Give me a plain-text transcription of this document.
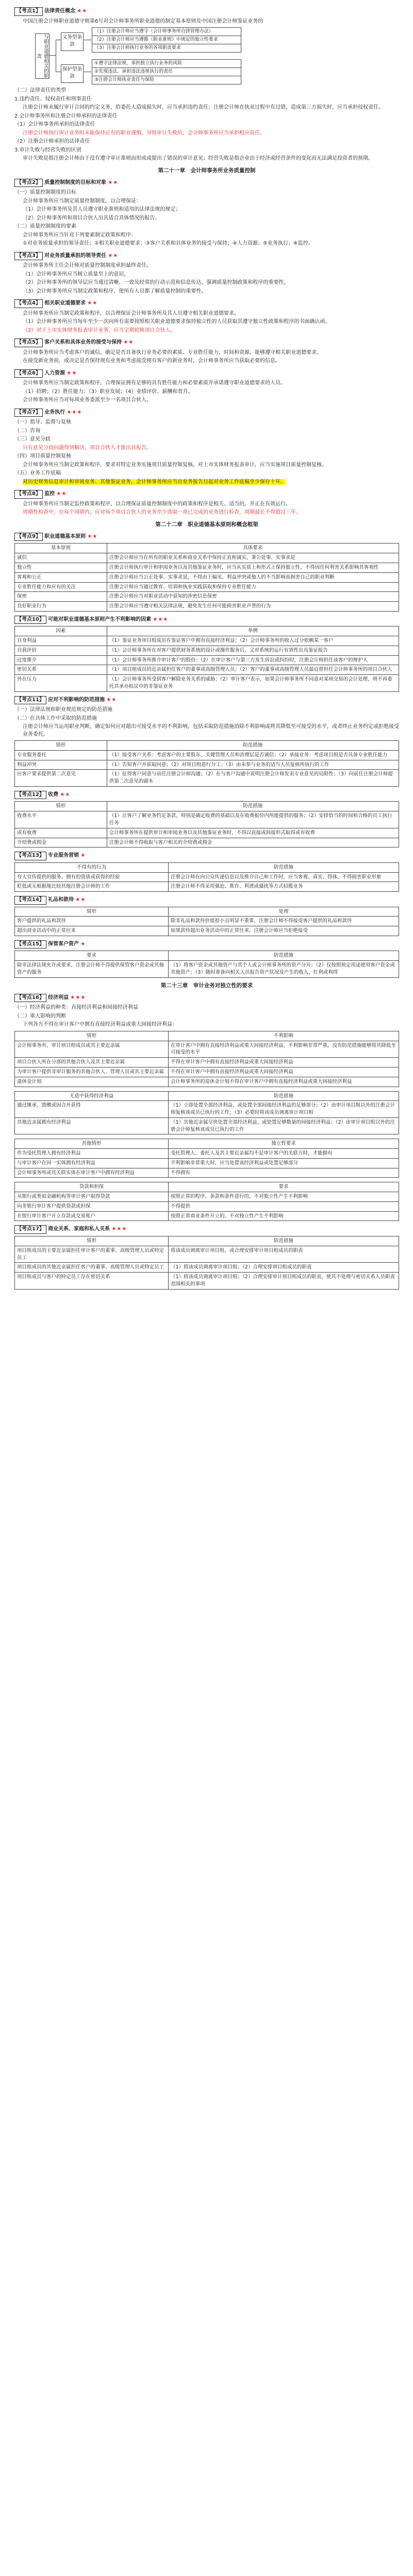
【考点1】 法律责任概念 ★★
中国注册会计师职业道德守则第6号对会计师事务所职业道德的制定基本原则及中国注册会计师鉴证业务的
与职业道德相关的职责
义务型条款
保护型条款
（1）注册会计师应当遵守（会计师事务所自律管理办法）
（2）注册会计师应当遵循《职业准则》中规定的独立性要求
（3）注册会计师执行业务的各项职责要求
①遵守法律法规，承担独立执行业务的风险
②发现违法，承担违法违规执行的责任
③注册会计师执业责任与保险
（二）法律责任的类型
1.违约责任、侵权责任和刑事责任
注册会计师未履行审计合同的约定义务，给委托人造成损失时，应当承担违约责任；注册会计师在执业过程中有过错，造成第三方损失时，应当承担侵权责任。
2.会计师事务所和注册会计师承担的法律责任
（1）会计师事务所承担的法律责任
注册会计师执行审计业务时未能保持应有的职业谨慎，导致审计失败的，会计师事务所应当承担相应责任。
（2）注册会计师承担的法律责任
3.审计失败与经营失败的区别
审计失败是指注册会计师由于没有遵守审计准则而形成或提出了错误的审计意见；经营失败是指企业由于经济或经营条件的变化而无法满足投资者的预期。
第二十一章　会计师事务所业务质量控制
【考点2】 质量控制制度的目标和对象 ★★
（一）质量控制制度的目标
会计师事务所应当制定质量控制制度，以合理保证：
（1）会计师事务所及其人员遵守职业准则和适用的法律法规的规定；
（2）会计师事务所和项目合伙人出具适合具体情况的报告。
（二）质量控制制度的要素
会计师事务所应当针对下列要素制定政策和程序：
①对业务质量承担的领导责任；②相关职业道德要求；③客户关系和具体业务的接受与保持；④人力资源；⑤业务执行；⑥监控。
【考点3】 对业务质量承担的领导责任 ★★
会计师事务所主任会计师对质量控制制度承担最终责任。
（1）会计师事务所应当树立质量至上的意识，
（2）会计师事务所的领导层应当通过清晰、一致及经常的行动示范和信息传达，强调质量控制政策和程序的重要性。
（3）会计师事务所应当制定政策和程序，使所有人员都了解质量控制的重要性。
【考点4】 相关职业道德要求 ★★
会计师事务所应当制定政策和程序，以合理保证会计师事务所及其人员遵守相关职业道德要求。
（1）会计师事务所应当每年至少一次向所有需要按照相关职业道德要求保持独立性的人员获取其遵守独立性政策和程序的书面确认函。
（2）对于上市实体财务报表审计业务，应当定期轮换项目合伙人。
【考点5】 客户关系和具体业务的接受与保持 ★★
会计师事务所应当考虑客户的诚信，确定是否具备执行业务必要的素质、专业胜任能力、时间和资源，能够遵守相关职业道德要求。
在接受新业务前，或决定是否保持现有业务和考虑接受现有客户的新业务时，会计师事务所应当获取必要的信息。
【考点6】 人力资源 ★★
会计师事务所应当制定政策和程序，合理保证拥有足够的具有胜任能力和必要素质并承诺遵守职业道德要求的人员。
（1）招聘；（2）胜任能力；（3）职业发展；（4）业绩评价、薪酬和晋升。
会计师事务所应当对每项业务委派至少一名项目合伙人。
【考点7】 业务执行 ★★★
（一）指导、监督与复核
（二）咨询
（三）意见分歧
只有意见分歧问题得到解决，项目合伙人才能出具报告。
（四）项目质量控制复核
会计师事务所应当制定政策和程序，要求对特定业务实施项目质量控制复核。对上市实体财务报表审计，应当实施项目质量控制复核。
（五）业务工作底稿
对历史财务信息审计和审阅业务、其他鉴证业务，会计师事务所应当自业务报告日起对业务工作底稿至少保存十年。
【考点8】 监控 ★★
会计师事务所应当制定监控政策和程序，以合理保证质量控制制度中的政策和程序是相关、适当的，并正在有效运行。
周期性检查中，在每个周期内，应对每个项目合伙人的业务至少选取一项已完成的业务进行检查，周期最长不得超过三年。
第二十二章　职业道德基本原则和概念框架
【考点9】 职业道德基本原则 ★★
基本原则	具体要求
诚信	注册会计师应当在所有的职业关系和商业关系中保持正直和诚实，秉公处事、实事求是
独立性	注册会计师执行审计和审阅业务以及其他鉴证业务时，应当从实质上和形式上保持独立性，不得因任何利害关系影响其客观性
客观和公正	注册会计师应当公正处事、实事求是，不得由于偏见、利益冲突或他人的不当影响而损害自己的职业判断
专业胜任能力和应有的关注	注册会计师应当通过教育、培训和执业实践获取和保持专业胜任能力
保密	注册会计师应当对职业活动中获知的涉密信息保密
良好职业行为	注册会计师应当遵守相关法律法规，避免发生任何可能损害职业声誉的行为
【考点10】 可能对职业道德基本原则产生不利影响的因素 ★★★
因素	举例
自身利益	（1）鉴证业务项目组成员在鉴证客户中拥有直接经济利益；（2）会计师事务所的收入过分依赖某一客户
自我评价	（1）会计师事务所在对客户提供财务系统的设计或操作服务后，又对系统的运行有效性出具鉴证报告
过度推介	（1）会计师事务所推介审计客户的股份；（2）在审计客户与第三方发生诉讼或纠纷时，注册会计师担任该客户的辩护人
密切关系	（1）项目组成员的近亲属担任客户的董事或高级管理人员；（2）客户的董事或高级管理人员最近曾担任会计师事务所的项目合伙人
外在压力	（1）会计师事务所受到客户解除业务关系的威胁；（2）审计客户表示，如果会计师事务所不同意对某项交易的会计处理，则不再委托其承办拟议中的非鉴证业务
【考点11】 应对不利影响的防范措施 ★★
（一）法律法规和职业规范规定的防范措施
（二）在具体工作中采取的防范措施
注册会计师应当运用职业判断，确定如何应对超出可接受水平的不利影响，包括采取防范措施消除不利影响或将其降低至可接受的水平，或者终止业务约定或拒绝接受业务委托。
情形	防范措施
专业服务委托	（1）接受客户关系：考虑客户的主要股东、关键管理人员和治理层是否诚信；（2）承接业务：考虑项目组是否具备专业胜任能力
利益冲突	（1）告知客户并获取同意；（2）对项目组进行分工；（3）由未参与业务的适当人员复核所执行的工作
应客户要求提供第二次意见	（1）征得客户同意与前任注册会计师沟通；（2）在与客户沟通中说明注册会计师发表专业意见的局限性；（3）向前任注册会计师提供第二次意见的副本
【考点12】 收费 ★★
情形	防范措施
收费水平	（1）让客户了解业务约定条款，特别是确定收费的基础以及在收费报价内所能提供的服务；（2）安排恰当的时间和合格的员工执行任务
或有收费	会计师事务所在提供审计和审阅业务以及其他鉴证业务时，不得以直接或间接形式取得或有收费
介绍费或佣金	注册会计师不得收取与客户相关的介绍费或佣金
【考点13】 专业服务营销 ★
不得有的行为	防范措施
夸大宣传提供的服务、拥有的资质或获得的经验	注册会计师在向公众传递信息以及推介自己和工作时，应当客观、真实、得体，不得损害职业形象
贬低或无根据地比较其他注册会计师的工作	注册会计师不得采用强迫、欺诈、利诱或骚扰等方式招揽业务
【考点14】 礼品和款待 ★★
情形	处理
客户提供的礼品和款待	除非礼品和款待价值很小且明显不重要，注册会计师不得接受客户提供的礼品和款待
超出商业活动中的正常往来	如果款待超出业务活动中的正常往来，注册会计师应当拒绝接受
【考点15】 保管客户资产 ★
要求	防范措施
除非法律法规允许或要求，注册会计师不得提供保管客户资金或其他资产的服务	（1）将客户资金或其他资产与其个人或会计师事务所的资产分开；（2）仅按照预定用途使用客户资金或其他资产；（3）随时准备向相关人员报告资产状况及产生的收入、红利或利得
第二十三章　审计业务对独立性的要求
【考点16】 经济利益 ★★★
（一）经济利益的种类：直接经济利益和间接经济利益
（二）重大影响的判断
下列各方不得在审计客户中拥有直接经济利益或重大间接经济利益：
情形	不利影响
会计师事务所、审计项目组成员或其主要近亲属	在审计客户中拥有直接经济利益或重大间接经济利益，不利影响非常严重，没有防范措施能够将其降低至可接受的水平
项目合伙人所在分部的其他合伙人及其主要近亲属	不得在审计客户中拥有直接经济利益或重大间接经济利益
为审计客户提供非审计服务的其他合伙人、管理人员或其主要近亲属	不得在审计客户中拥有直接经济利益或重大间接经济利益
退休金计划	会计师事务所的退休金计划不得在审计客户中拥有直接经济利益或重大间接经济利益
无意中获得经济利益	防范措施
通过继承、馈赠或因合并获得	（1）立即处置全部经济利益，或处置全部间接经济利益的足够部分；（2）由审计项目组以外的注册会计师复核该成员已执行的工作；（3）必要时将该成员调离审计项目组
其他近亲属拥有经济利益	（1）其他近亲属尽快处置全部经济利益，或处置足够数量的间接经济利益；（2）由审计项目组以外的注册会计师复核该成员已执行的工作
其他情形	独立性要求
作为受托管理人拥有经济利益	受托管理人、委托人及其主要近亲属均不是审计客户的关联方时，才能拥有
与审计客户在同一实体拥有经济利益	不利影响非常重大时，应当处置该经济利益或处置足够部分
会计师事务所或其关联实体在审计客户中拥有经济利益	不得拥有
贷款和担保	要求
从银行或类似金融机构等审计客户取得贷款	按照正常的程序、条款和条件进行的，不对独立性产生不利影响
向非银行审计客户提供贷款或担保	不得提供
在银行审计客户开立存款或交易账户	按照正常商业条件开立的，不对独立性产生不利影响
【考点17】 商业关系、家庭和私人关系 ★★★
情形	防范措施
项目组成员的主要近亲属担任审计客户的董事、高级管理人员或特定员工	将该成员调离审计项目组，或合理安排审计项目组成员的职责
项目组成员的其他近亲属担任客户的董事、高级管理人员或特定员工	（1）将该成员调离审计项目组；（2）合理安排项目组成员的职责
项目组成员与客户的特定员工存在密切关系	（1）将该成员调离审计项目组；（2）合理安排审计项目组成员的职责，使其不处理与密切关系人员职责范围相关的事项
